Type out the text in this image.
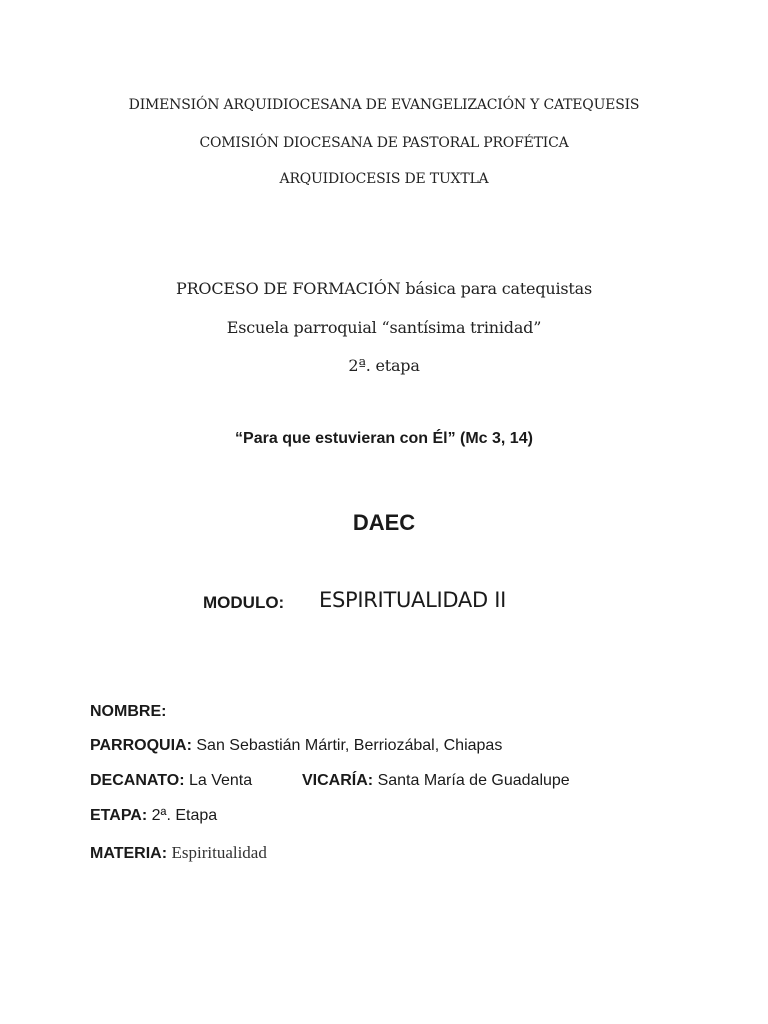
DIMENSIÓN ARQUIDIOCESANA DE EVANGELIZACIÓN Y CATEQUESIS
COMISIÓN DIOCESANA DE PASTORAL PROFÉTICA
ARQUIDIOCESIS DE TUXTLA
PROCESO DE FORMACIÓN básica para catequistas
Escuela parroquial “santísima trinidad”
2ª. etapa
“Para que estuvieran con Él” (Mc 3, 14)
DAEC
MODULO: ESPIRITUALIDAD II
NOMBRE:
PARROQUIA: San Sebastián Mártir, Berriozábal, Chiapas
DECANATO: La Venta	VICARÍA: Santa María de Guadalupe
ETAPA: 2ª. Etapa
MATERIA: Espiritualidad
